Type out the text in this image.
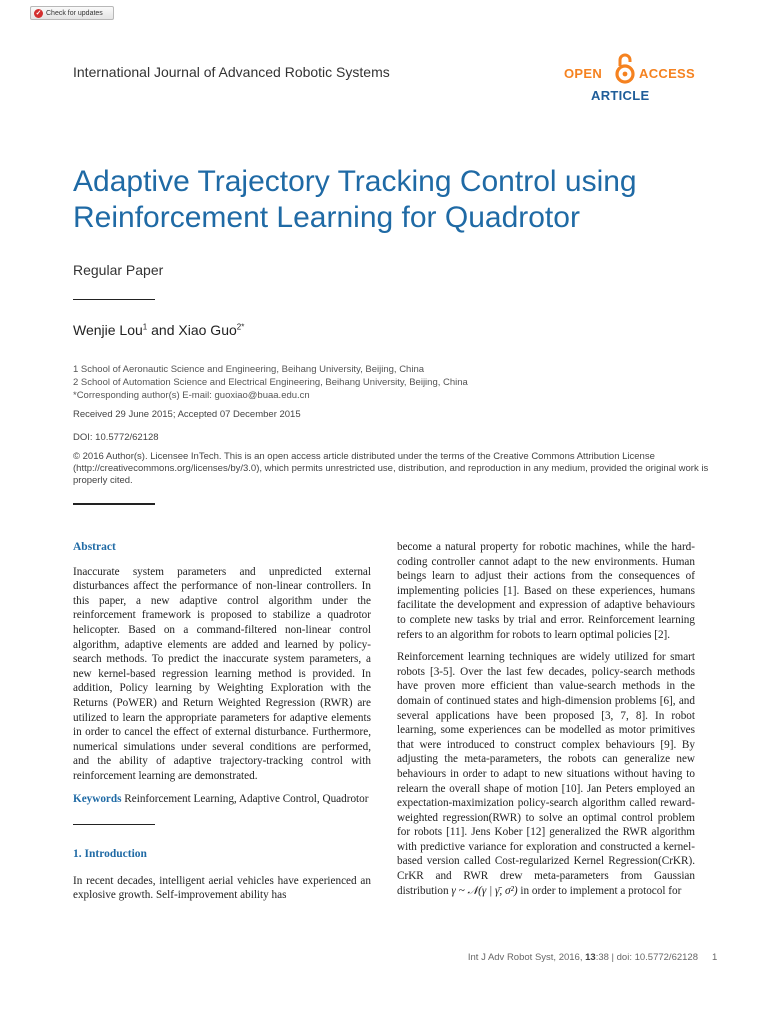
✓ Check for updates
International Journal of Advanced Robotic Systems	OPEN	ACCESS
ARTICLE
Adaptive Trajectory Tracking Control using Reinforcement Learning for Quadrotor
Regular Paper
Wenjie Lou$^1$ and Xiao Guo$^{2*}$
1 School of Aeronautic Science and Engineering, Beihang University, Beijing, China
2 School of Automation Science and Electrical Engineering, Beihang University, Beijing, China
*Corresponding author(s) E-mail: guoxiao@buaa.edu.cn
Received 29 June 2015; Accepted 07 December 2015
DOI: 10.5772/62128
© 2016 Author(s). Licensee InTech. This is an open access article distributed under the terms of the Creative Commons Attribution License (http://creativecommons.org/licenses/by/3.0), which permits unrestricted use, distribution, and reproduction in any medium, provided the original work is properly cited.
Abstract

Inaccurate system parameters and unpredicted external disturbances affect the performance of non-linear controllers. In this paper, a new adaptive control algorithm under the reinforcement framework is proposed to stabilize a quadrotor helicopter. Based on a command-filtered non-linear control algorithm, adaptive elements are added and learned by policy-search methods. To predict the inaccurate system parameters, a new kernel-based regression learning method is provided. In addition, Policy learning by Weighting Exploration with the Returns (PoWER) and Return Weighted Regression (RWR) are utilized to learn the appropriate parameters for adaptive elements in order to cancel the effect of external disturbance. Furthermore, numerical simulations under several conditions are performed, and the ability of adaptive trajectory-tracking control with reinforcement learning are demonstrated.

Keywords Reinforcement Learning, Adaptive Control, Quadrotor

1. Introduction

In recent decades, intelligent aerial vehicles have experienced an explosive growth. Self-improvement ability has

become a natural property for robotic machines, while the hard-coding controller cannot adapt to the new environments. Human beings learn to adjust their actions from the consequences of implementing policies [1]. Based on these experiences, humans facilitate the development and expression of adaptive behaviours to complete new tasks by trial and error. Reinforcement learning refers to an algorithm for robots to learn optimal policies [2].

Reinforcement learning techniques are widely utilized for smart robots [3-5]. Over the last few decades, policy-search methods have proven more efficient than value-search methods in the domain of continued states and high-dimension problems [6], and several applications have been proposed [3, 7, 8]. In robot learning, some experiences can be modelled as motor primitives that were introduced to construct complex behaviours [9]. By adjusting the meta-parameters, the robots can generalize new behaviours in order to adapt to new situations without having to relearn the overall shape of motion [10]. Jan Peters employed an expectation-maximization policy-search algorithm called reward-weighted regression(RWR) to solve an optimal control problem for robots [11]. Jens Kober [12] generalized the RWR algorithm with predictive variance for exploration and constructed a kernel-based version called Cost-regularized Kernel Regression(CrKR). CrKR and RWR drew meta-parameters from Gaussian distribution γ ~ 𝒩(γ | γ̄, σ²) in order to implement a protocol for

Int J Adv Robot Syst, 2016, 13:38 | doi: 10.5772/62128 1
